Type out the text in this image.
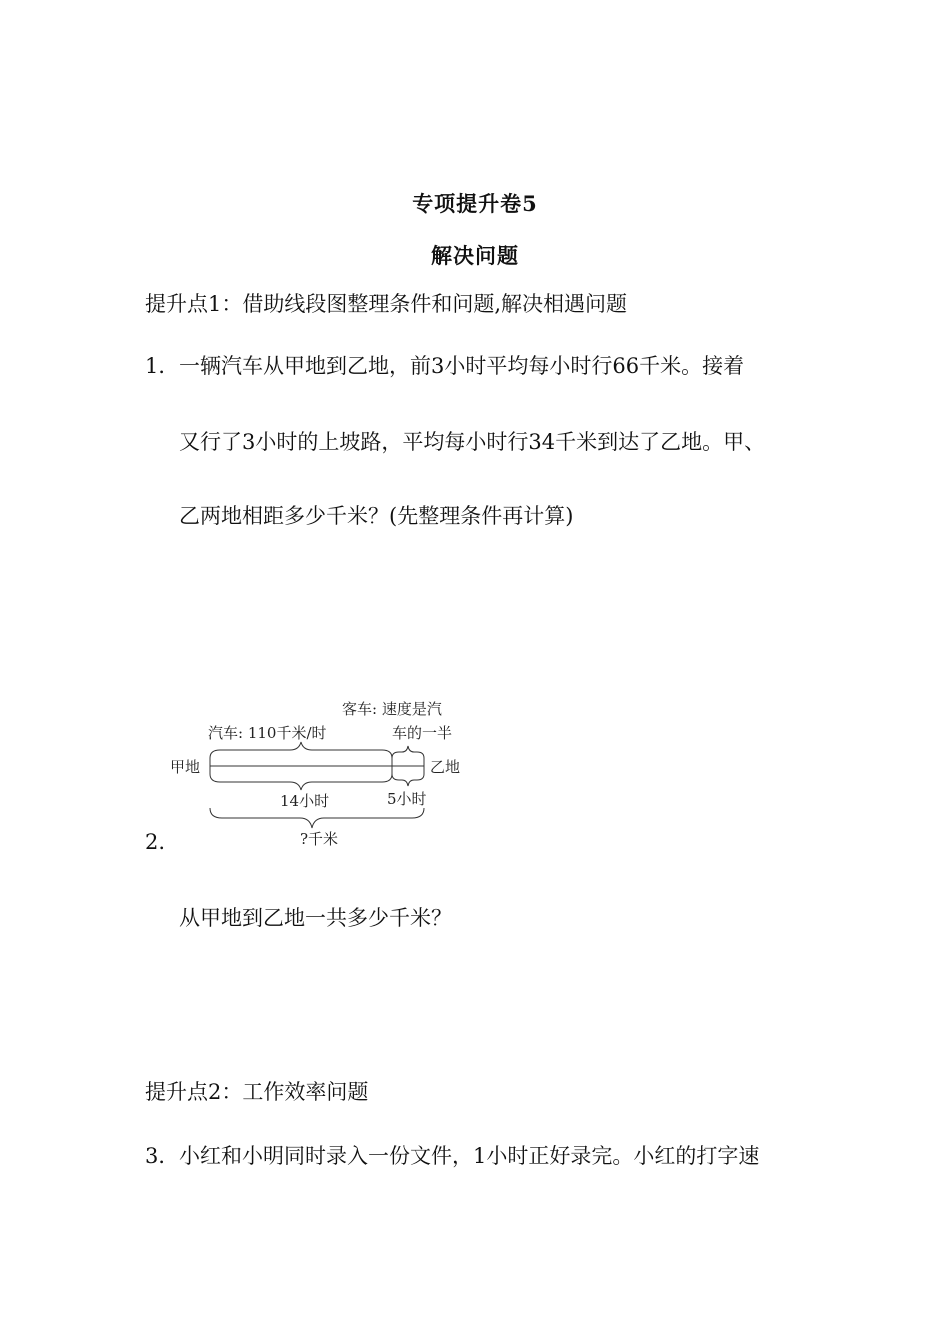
专项提升卷5
解决问题
提升点1：借助线段图整理条件和问题,解决相遇问题
1．一辆汽车从甲地到乙地，前3小时平均每小时行66千米。接着
又行了3小时的上坡路，平均每小时行34千米到达了乙地。甲、
乙两地相距多少千米？(先整理条件再计算)
客车: 速度是汽
汽车: 110千米/时	车的一半
甲地	乙地
14小时	5小时
?千米
2.
从甲地到乙地一共多少千米？
提升点2：工作效率问题
3．小红和小明同时录入一份文件，1小时正好录完。小红的打字速
